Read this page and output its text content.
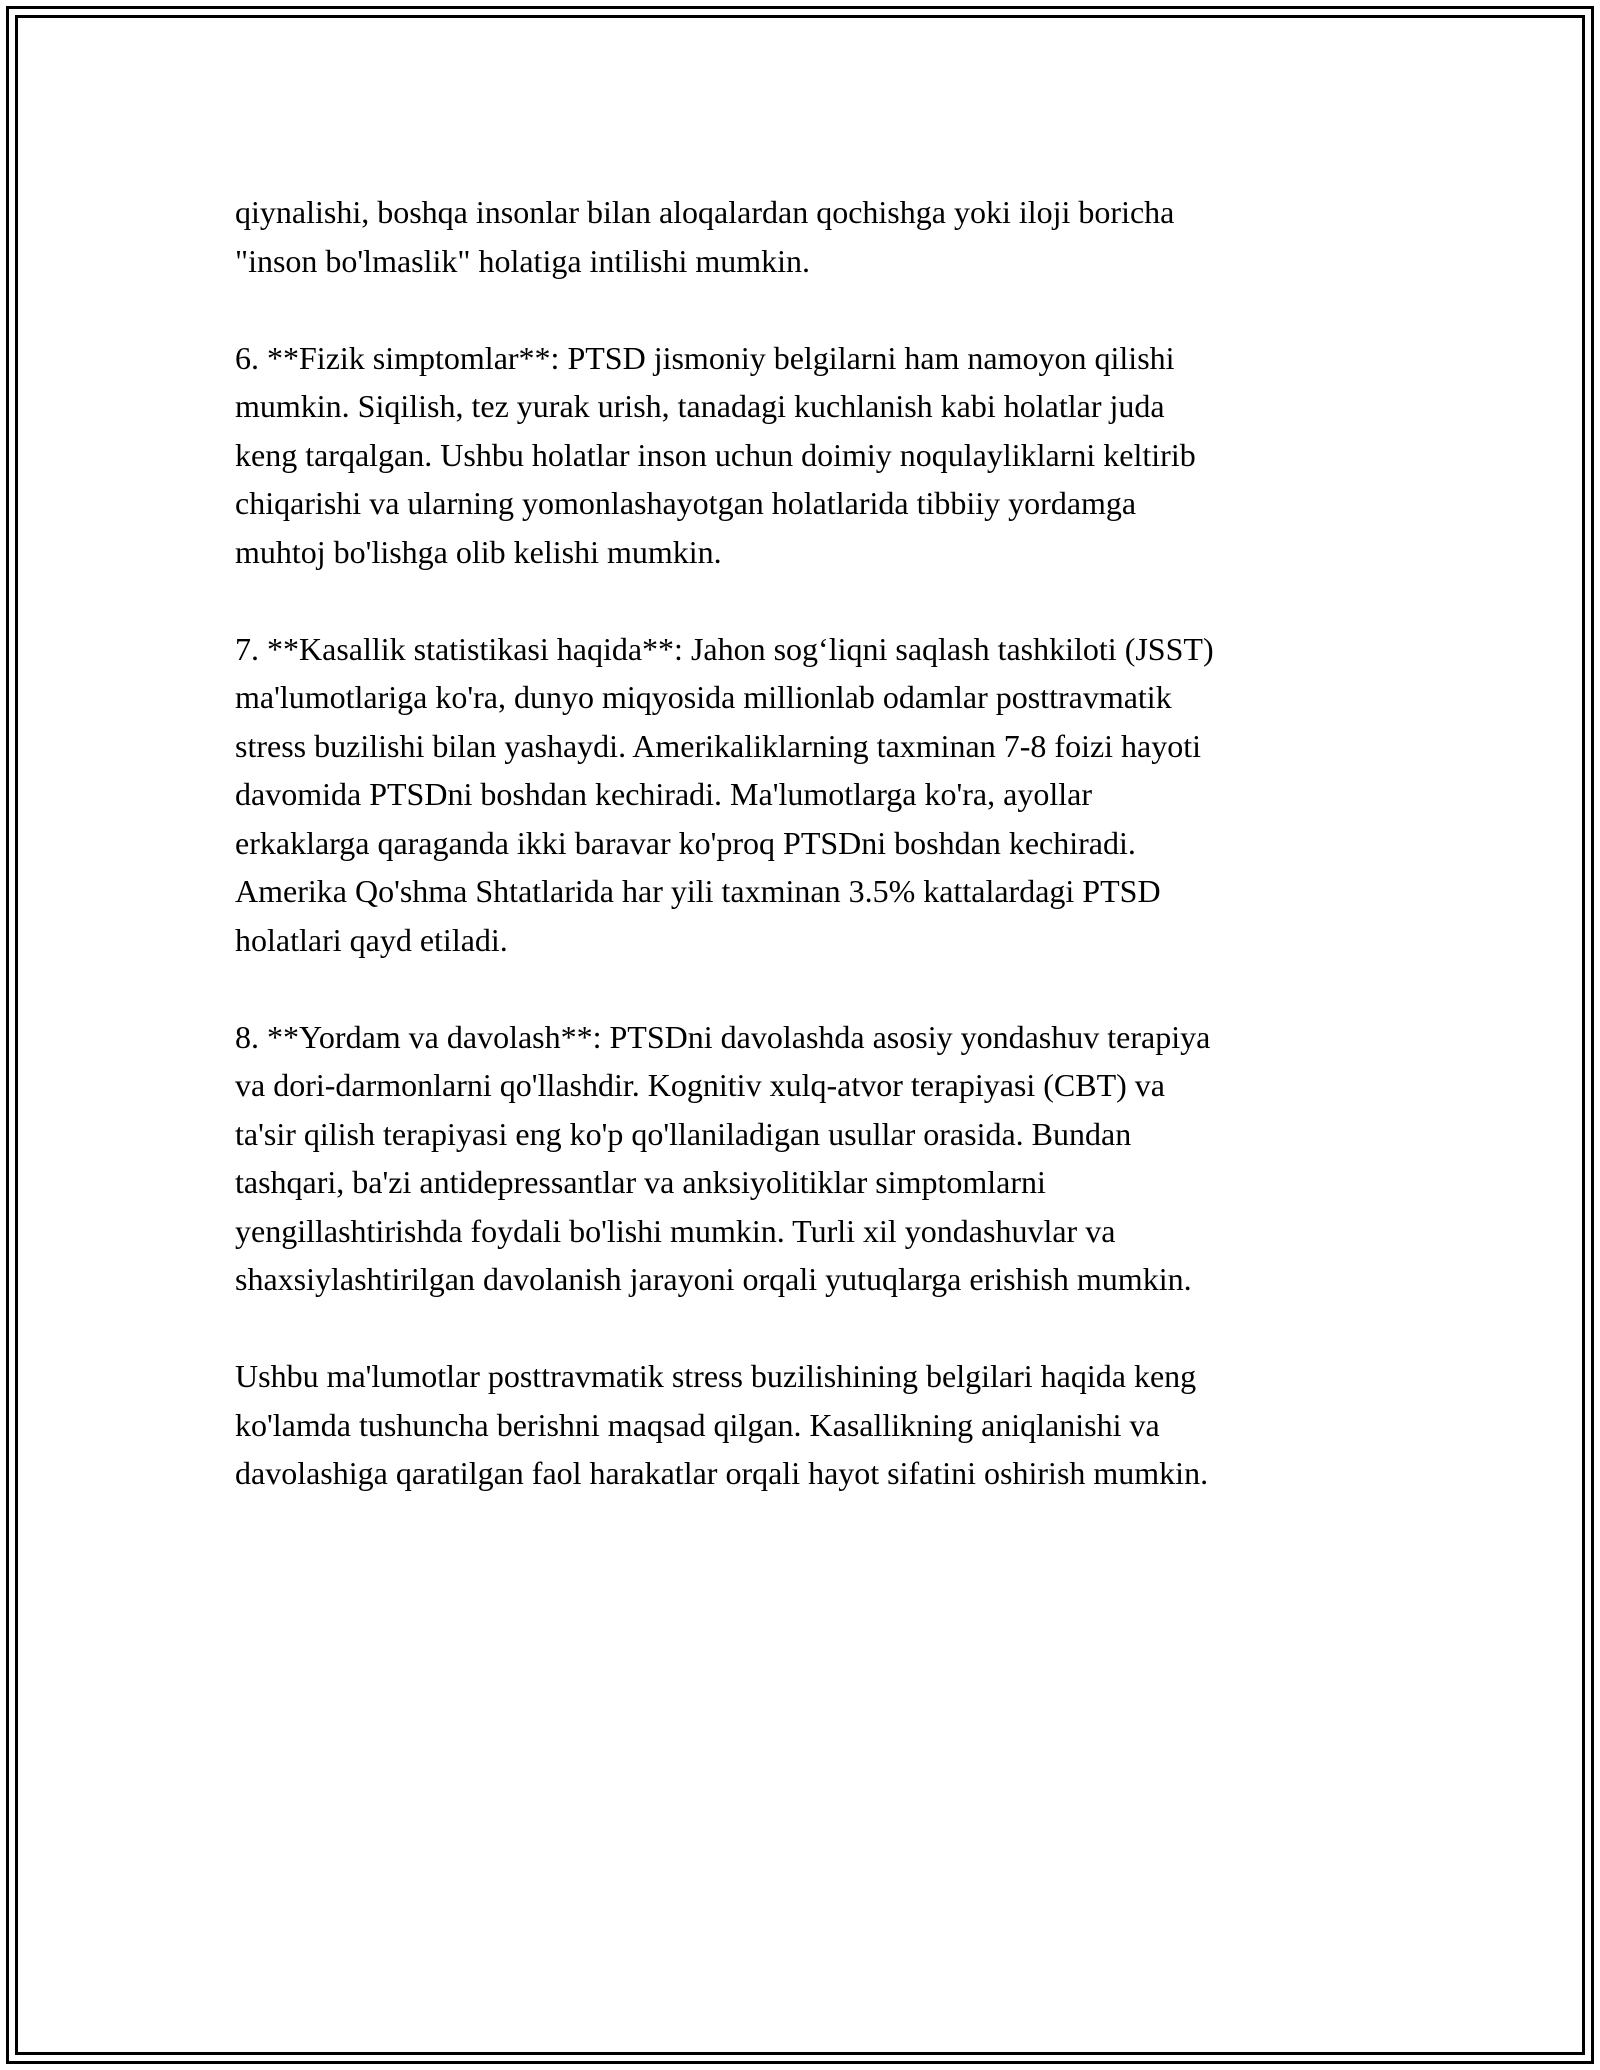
qiynalishi, boshqa insonlar bilan aloqalardan qochishga yoki iloji boricha
"inson bo'lmaslik" holatiga intilishi mumkin.

6. **Fizik simptomlar**: PTSD jismoniy belgilarni ham namoyon qilishi
mumkin. Siqilish, tez yurak urish, tanadagi kuchlanish kabi holatlar juda
keng tarqalgan. Ushbu holatlar inson uchun doimiy noqulayliklarni keltirib
chiqarishi va ularning yomonlashayotgan holatlarida tibbiiy yordamga
muhtoj bo'lishga olib kelishi mumkin.

7. **Kasallik statistikasi haqida**: Jahon sog‘liqni saqlash tashkiloti (JSST)
ma'lumotlariga ko'ra, dunyo miqyosida millionlab odamlar posttravmatik
stress buzilishi bilan yashaydi. Amerikaliklarning taxminan 7-8 foizi hayoti
davomida PTSDni boshdan kechiradi. Ma'lumotlarga ko'ra, ayollar
erkaklarga qaraganda ikki baravar ko'proq PTSDni boshdan kechiradi.
Amerika Qo'shma Shtatlarida har yili taxminan 3.5% kattalardagi PTSD
holatlari qayd etiladi.

8. **Yordam va davolash**: PTSDni davolashda asosiy yondashuv terapiya
va dori-darmonlarni qo'llashdir. Kognitiv xulq-atvor terapiyasi (CBT) va
ta'sir qilish terapiyasi eng ko'p qo'llaniladigan usullar orasida. Bundan
tashqari, ba'zi antidepressantlar va anksiyolitiklar simptomlarni
yengillashtirishda foydali bo'lishi mumkin. Turli xil yondashuvlar va
shaxsiylashtirilgan davolanish jarayoni orqali yutuqlarga erishish mumkin.

Ushbu ma'lumotlar posttravmatik stress buzilishining belgilari haqida keng
ko'lamda tushuncha berishni maqsad qilgan. Kasallikning aniqlanishi va
davolashiga qaratilgan faol harakatlar orqali hayot sifatini oshirish mumkin.
